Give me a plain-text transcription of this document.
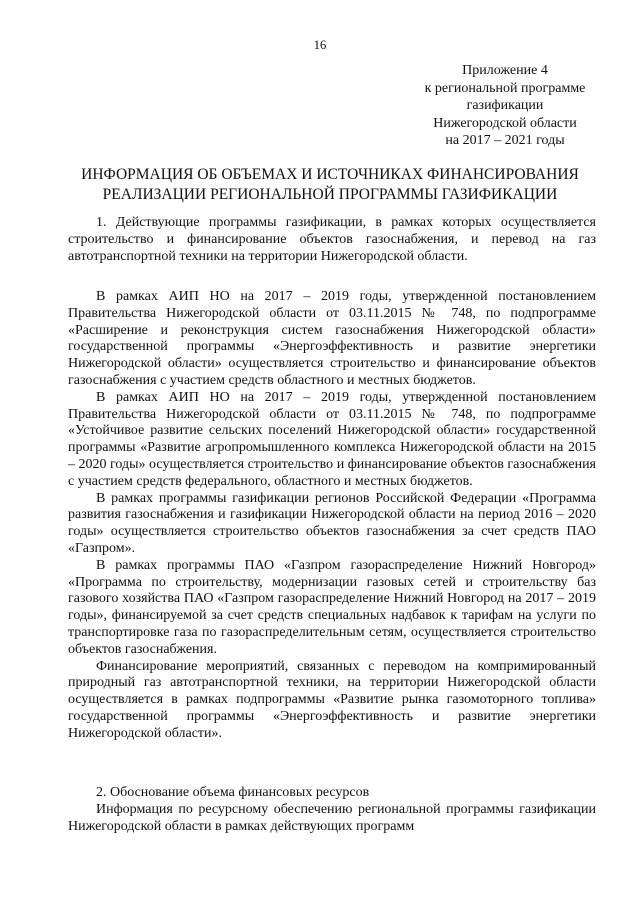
16
Приложение 4
к региональной программе
газификации
Нижегородской области
на 2017 – 2021 годы
ИНФОРМАЦИЯ ОБ ОБЪЕМАХ И ИСТОЧНИКАХ ФИНАНСИРОВАНИЯ
РЕАЛИЗАЦИИ РЕГИОНАЛЬНОЙ ПРОГРАММЫ ГАЗИФИКАЦИИ

1. Действующие программы газификации, в рамках которых осуществляется строительство и финансирование объектов газоснабжения, и перевод на газ автотранспортной техники на территории Нижегородской области.

В рамках АИП НО на 2017 – 2019 годы, утвержденной постановлением Правительства Нижегородской области от 03.11.2015 № 748, по подпрограмме «Расширение и реконструкция систем газоснабжения Нижегородской области» государственной программы «Энергоэффективность и развитие энергетики Нижегородской области» осуществляется строительство и финансирование объектов газоснабжения с участием средств областного и местных бюджетов.

В рамках АИП НО на 2017 – 2019 годы, утвержденной постановлением Правительства Нижегородской области от 03.11.2015 № 748, по подпрограмме «Устойчивое развитие сельских поселений Нижегородской области» государственной программы «Развитие агропромышленного комплекса Нижегородской области на 2015 – 2020 годы» осуществляется строительство и финансирование объектов газоснабжения с участием средств федерального, областного и местных бюджетов.

В рамках программы газификации регионов Российской Федерации «Программа развития газоснабжения и газификации Нижегородской области на период 2016 – 2020 годы» осуществляется строительство объектов газоснабжения за счет средств ПАО «Газпром».

В рамках программы ПАО «Газпром газораспределение Нижний Новгород» «Программа по строительству, модернизации газовых сетей и строительству баз газового хозяйства ПАО «Газпром газораспределение Нижний Новгород на 2017 – 2019 годы», финансируемой за счет средств специальных надбавок к тарифам на услуги по транспортировке газа по газораспределительным сетям, осуществляется строительство объектов газоснабжения.

Финансирование мероприятий, связанных с переводом на компримированный природный газ автотранспортной техники, на территории Нижегородской области осуществляется в рамках подпрограммы «Развитие рынка газомоторного топлива» государственной программы «Энергоэффективность и развитие энергетики Нижегородской области».

2. Обоснование объема финансовых ресурсов

Информация по ресурсному обеспечению региональной программы газификации Нижегородской области в рамках действующих программ
